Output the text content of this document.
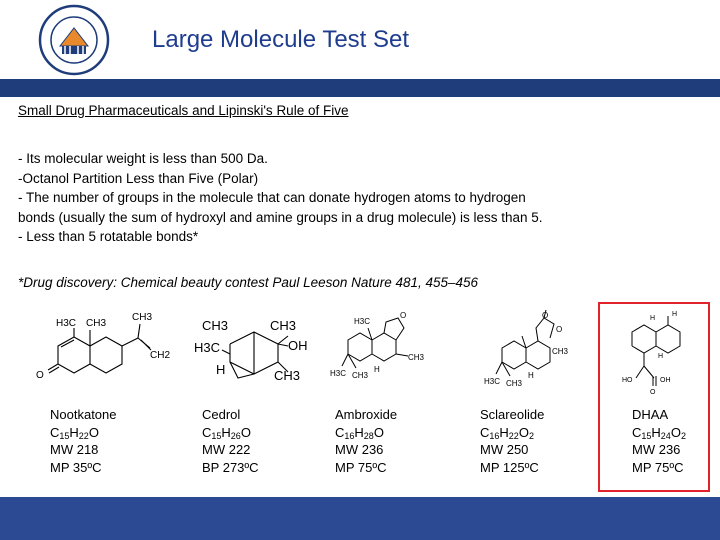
Large Molecule Test Set
Small Drug Pharmaceuticals and Lipinski's Rule of Five
- Its molecular weight is less than 500 Da.
-Octanol Partition Less than Five (Polar)
- The number of groups in the molecule that can donate hydrogen atoms to hydrogen
bonds (usually the sum of hydroxyl and amine groups in a drug molecule) is less than 5.
- Less than 5 rotatable bonds*
*Drug discovery: Chemical beauty contest Paul Leeson Nature 481, 455–456
H3C CH3
CH3
CH2
O
CH3	CH3
H3C	OH
H	CH3
H3C
O
CH3
H3C CH3
H
O
O
CH3
H3C CH3
H
H
H
H
HO
O
OH
Nootkatone
$C_{15}H_{22}O$
MW 218
MP 35ºC
Cedrol
$C_{15}H_{26}O$
MW 222
BP 273ºC
Ambroxide
$C_{16}H_{28}O$
MW 236
MP 75ºC
Sclareolide
$C_{16}H_{22}O_2$
MW 250
MP 125ºC
DHAA
$C_{15}H_{24}O_2$
MW 236
MP 75ºC
